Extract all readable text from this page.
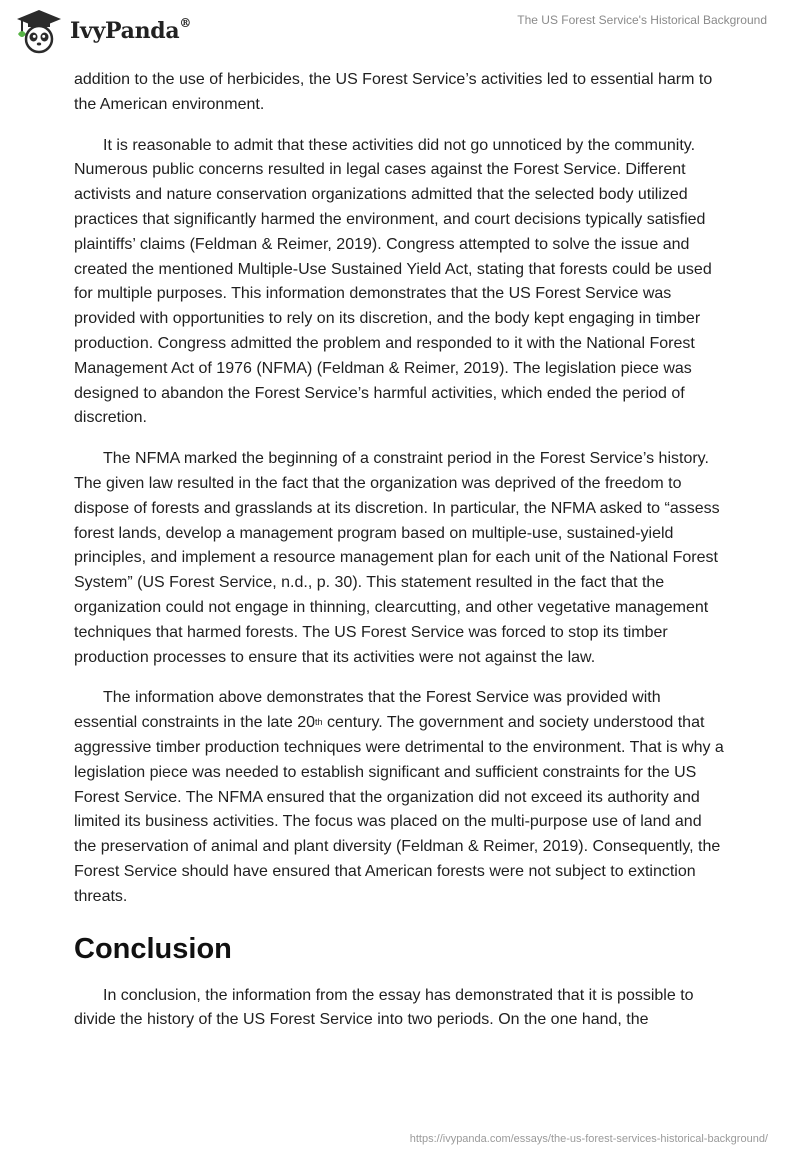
IvyPanda®	The US Forest Service's Historical Background

addition to the use of herbicides, the US Forest Service’s activities led to essential harm to the American environment.

It is reasonable to admit that these activities did not go unnoticed by the community. Numerous public concerns resulted in legal cases against the Forest Service. Different activists and nature conservation organizations admitted that the selected body utilized practices that significantly harmed the environment, and court decisions typically satisfied plaintiffs’ claims (Feldman & Reimer, 2019). Congress attempted to solve the issue and created the mentioned Multiple-Use Sustained Yield Act, stating that forests could be used for multiple purposes. This information demonstrates that the US Forest Service was provided with opportunities to rely on its discretion, and the body kept engaging in timber production. Congress admitted the problem and responded to it with the National Forest Management Act of 1976 (NFMA) (Feldman & Reimer, 2019). The legislation piece was designed to abandon the Forest Service’s harmful activities, which ended the period of discretion.

The NFMA marked the beginning of a constraint period in the Forest Service’s history. The given law resulted in the fact that the organization was deprived of the freedom to dispose of forests and grasslands at its discretion. In particular, the NFMA asked to “assess forest lands, develop a management program based on multiple-use, sustained-yield principles, and implement a resource management plan for each unit of the National Forest System” (US Forest Service, n.d., p. 30). This statement resulted in the fact that the organization could not engage in thinning, clearcutting, and other vegetative management techniques that harmed forests. The US Forest Service was forced to stop its timber production processes to ensure that its activities were not against the law.

The information above demonstrates that the Forest Service was provided with essential constraints in the late 20th century. The government and society understood that aggressive timber production techniques were detrimental to the environment. That is why a legislation piece was needed to establish significant and sufficient constraints for the US Forest Service. The NFMA ensured that the organization did not exceed its authority and limited its business activities. The focus was placed on the multi-purpose use of land and the preservation of animal and plant diversity (Feldman & Reimer, 2019). Consequently, the Forest Service should have ensured that American forests were not subject to extinction threats.

Conclusion

In conclusion, the information from the essay has demonstrated that it is possible to divide the history of the US Forest Service into two periods. On the one hand, the

https://ivypanda.com/essays/the-us-forest-services-historical-background/
